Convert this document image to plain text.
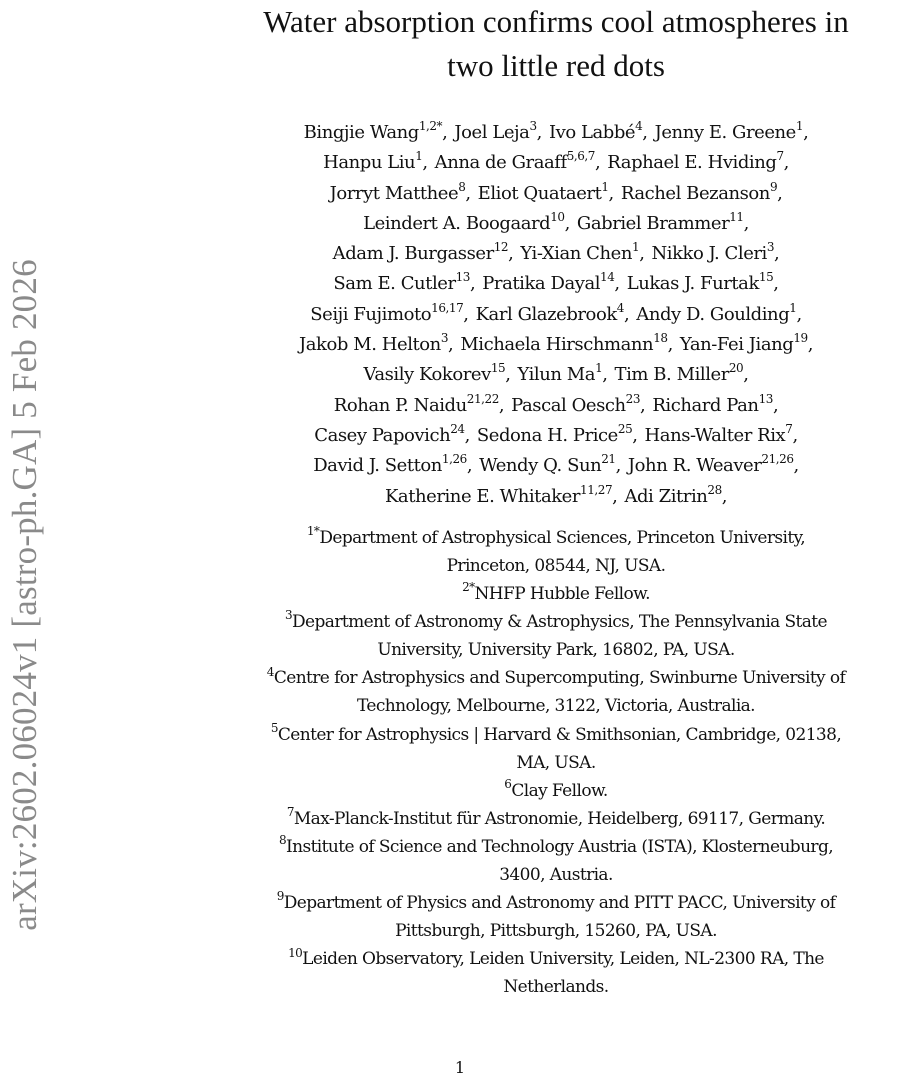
arXiv:2602.06024v1 [astro-ph.GA] 5 Feb 2026
Water absorption confirms cool atmospheres in
two little red dots
Bingjie Wang$^{1,2*}$, Joel Leja$^3$, Ivo Labbé$^4$, Jenny E. Greene$^1$,
Hanpu Liu$^1$, Anna de Graaff$^{5,6,7}$, Raphael E. Hviding$^7$,
Jorryt Matthee$^8$, Eliot Quataert$^1$, Rachel Bezanson$^9$,
Leindert A. Boogaard$^{10}$, Gabriel Brammer$^{11}$,
Adam J. Burgasser$^{12}$, Yi-Xian Chen$^1$, Nikko J. Cleri$^3$,
Sam E. Cutler$^{13}$, Pratika Dayal$^{14}$, Lukas J. Furtak$^{15}$,
Seiji Fujimoto$^{16,17}$, Karl Glazebrook$^4$, Andy D. Goulding$^1$,
Jakob M. Helton$^3$, Michaela Hirschmann$^{18}$, Yan-Fei Jiang$^{19}$,
Vasily Kokorev$^{15}$, Yilun Ma$^1$, Tim B. Miller$^{20}$,
Rohan P. Naidu$^{21,22}$, Pascal Oesch$^{23}$, Richard Pan$^{13}$,
Casey Papovich$^{24}$, Sedona H. Price$^{25}$, Hans-Walter Rix$^7$,
David J. Setton$^{1,26}$, Wendy Q. Sun$^{21}$, John R. Weaver$^{21,26}$,
Katherine E. Whitaker$^{11,27}$, Adi Zitrin$^{28}$,
$^{1*}$Department of Astrophysical Sciences, Princeton University,
Princeton, 08544, NJ, USA.
$^{2*}$NHFP Hubble Fellow.
$^3$Department of Astronomy & Astrophysics, The Pennsylvania State
University, University Park, 16802, PA, USA.
$^4$Centre for Astrophysics and Supercomputing, Swinburne University of
Technology, Melbourne, 3122, Victoria, Australia.
$^5$Center for Astrophysics | Harvard & Smithsonian, Cambridge, 02138,
MA, USA.
$^6$Clay Fellow.
$^7$Max-Planck-Institut für Astronomie, Heidelberg, 69117, Germany.
$^8$Institute of Science and Technology Austria (ISTA), Klosterneuburg,
3400, Austria.
$^9$Department of Physics and Astronomy and PITT PACC, University of
Pittsburgh, Pittsburgh, 15260, PA, USA.
$^{10}$Leiden Observatory, Leiden University, Leiden, NL-2300 RA, The
Netherlands.
1
